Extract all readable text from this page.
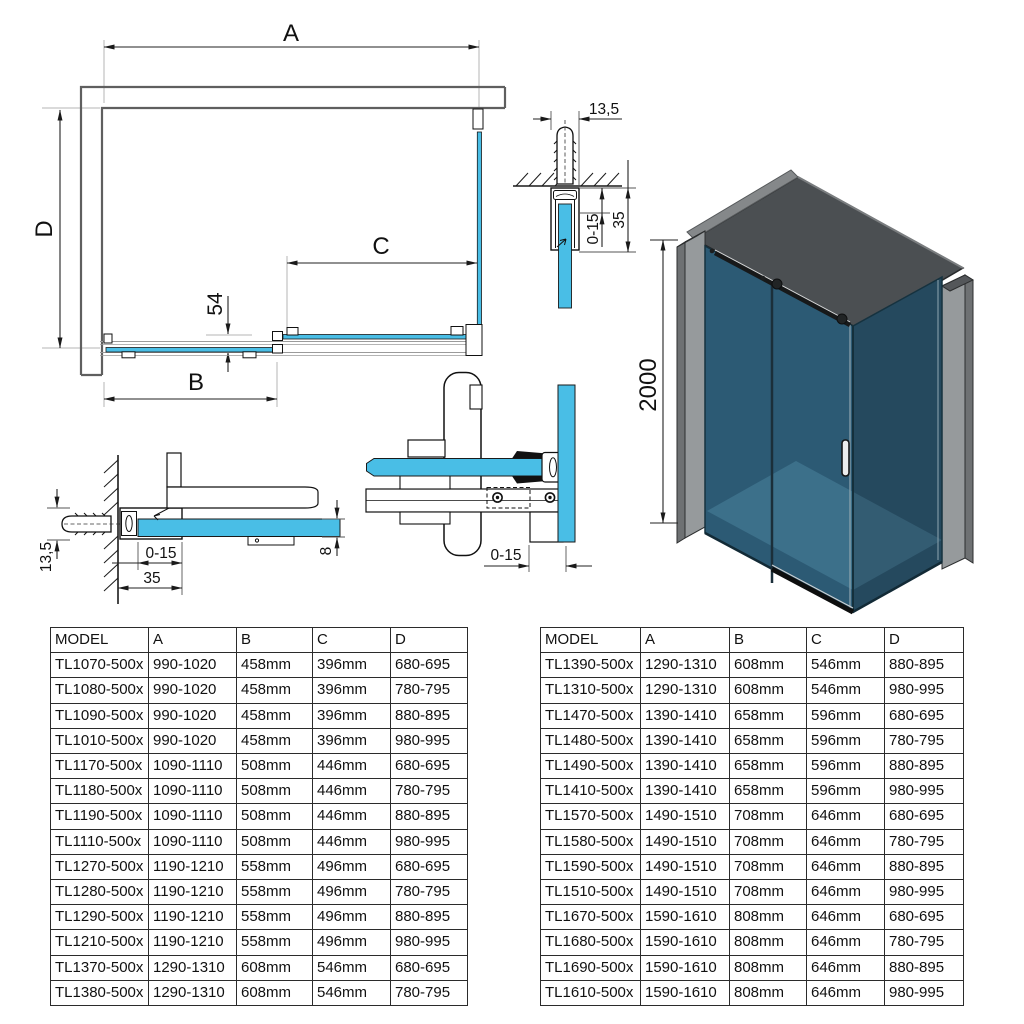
A
B
C
D
54
13,5
0-15 35
13,5	8
0-15
35
0-15
2000
MODEL	A	B	C	D
TL1070-500x	990-1020	458mm	396mm	680-695
TL1080-500x	990-1020	458mm	396mm	780-795
TL1090-500x	990-1020	458mm	396mm	880-895
TL1010-500x	990-1020	458mm	396mm	980-995
TL1170-500x	1090-1110	508mm	446mm	680-695
TL1180-500x	1090-1110	508mm	446mm	780-795
TL1190-500x	1090-1110	508mm	446mm	880-895
TL1110-500x	1090-1110	508mm	446mm	980-995
TL1270-500x	1190-1210	558mm	496mm	680-695
TL1280-500x	1190-1210	558mm	496mm	780-795
TL1290-500x	1190-1210	558mm	496mm	880-895
TL1210-500x	1190-1210	558mm	496mm	980-995
TL1370-500x	1290-1310	608mm	546mm	680-695
TL1380-500x	1290-1310	608mm	546mm	780-795
MODEL	A	B	C	D
TL1390-500x	1290-1310	608mm	546mm	880-895
TL1310-500x	1290-1310	608mm	546mm	980-995
TL1470-500x	1390-1410	658mm	596mm	680-695
TL1480-500x	1390-1410	658mm	596mm	780-795
TL1490-500x	1390-1410	658mm	596mm	880-895
TL1410-500x	1390-1410	658mm	596mm	980-995
TL1570-500x	1490-1510	708mm	646mm	680-695
TL1580-500x	1490-1510	708mm	646mm	780-795
TL1590-500x	1490-1510	708mm	646mm	880-895
TL1510-500x	1490-1510	708mm	646mm	980-995
TL1670-500x	1590-1610	808mm	646mm	680-695
TL1680-500x	1590-1610	808mm	646mm	780-795
TL1690-500x	1590-1610	808mm	646mm	880-895
TL1610-500x	1590-1610	808mm	646mm	980-995
